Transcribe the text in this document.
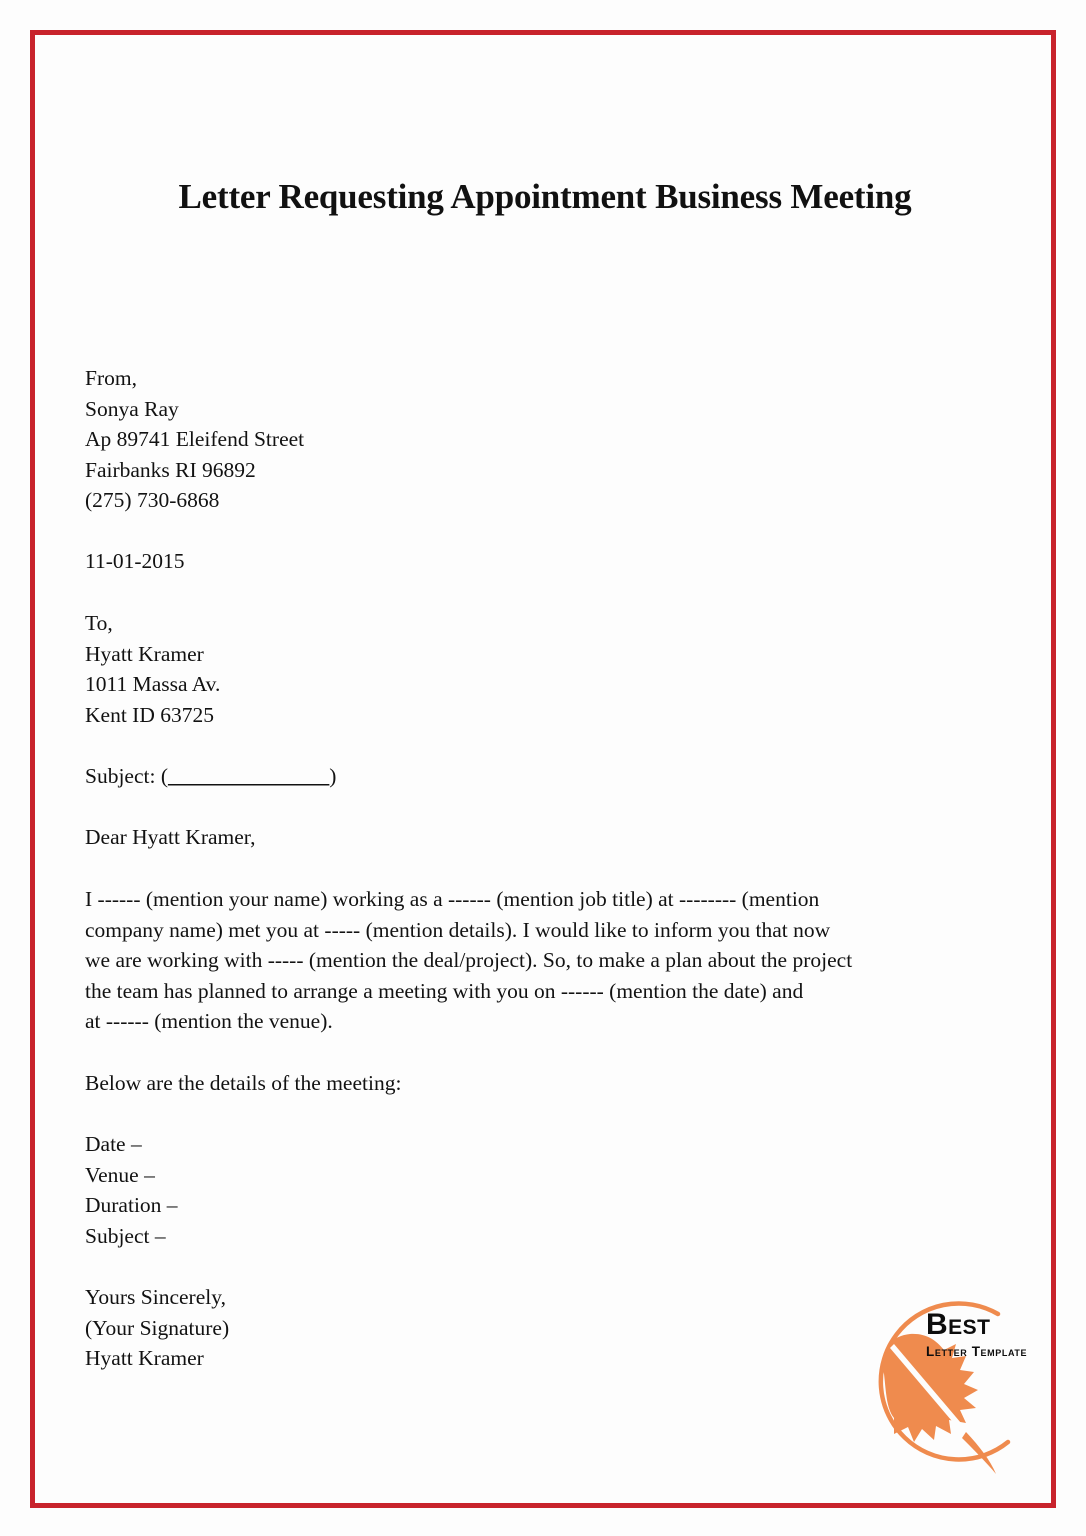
Letter Requesting Appointment Business Meeting
From,
Sonya Ray
Ap 89741 Eleifend Street
Fairbanks RI 96892
(275) 730-6868
11-01-2015
To,
Hyatt Kramer
1011 Massa Av.
Kent ID 63725
Subject: (_______________)
Dear Hyatt Kramer,
I ------ (mention your name) working as a ------ (mention job title) at -------- (mention
company name) met you at ----- (mention details). I would like to inform you that now
we are working with ----- (mention the deal/project). So, to make a plan about the project
the team has planned to arrange a meeting with you on ------ (mention the date) and
at ------ (mention the venue).
Below are the details of the meeting:
Date –
Venue –
Duration –
Subject –
Yours Sincerely,
(Your Signature)
Hyatt Kramer
Best
Letter Template
